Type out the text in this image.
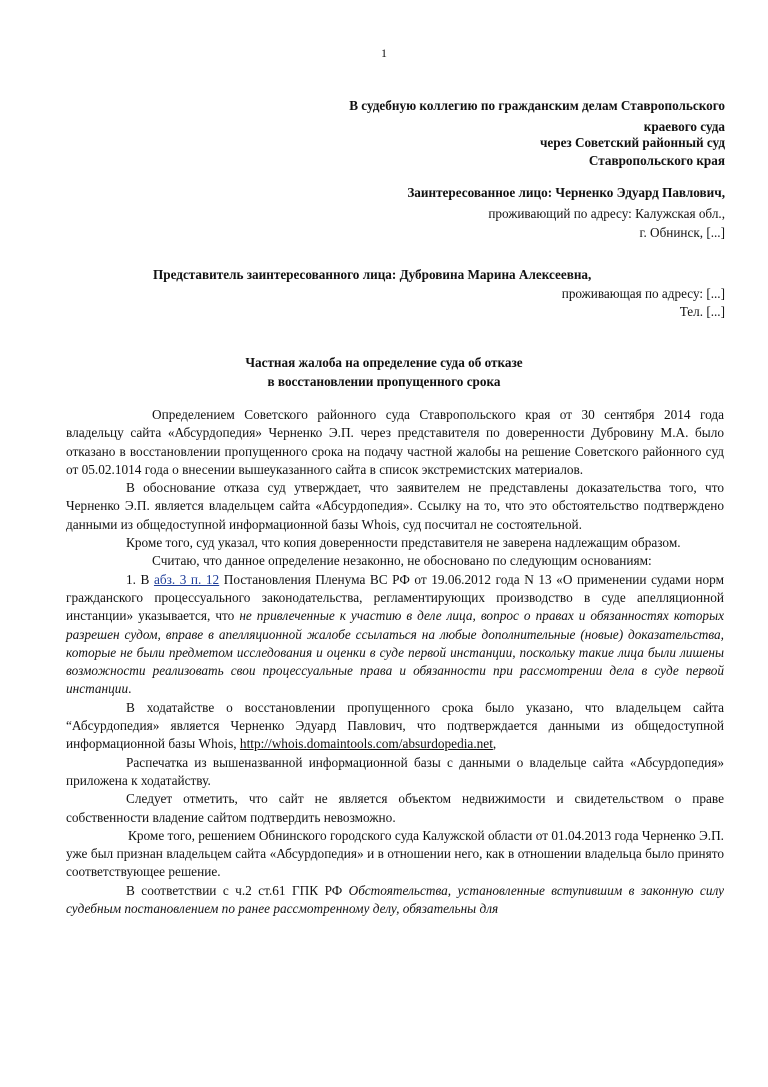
1
В судебную коллегию по гражданским делам Ставропольского
краевого суда
через Советский районный суд
Ставропольского края
Заинтересованное лицо: Черненко Эдуард Павлович,
проживающий по адресу: Калужская обл.,
г. Обнинск, [...]
Представитель заинтересованного лица: Дубровина Марина Алексеевна,
проживающая по адресу: [...]
Тел. [...]
Частная жалоба на определение суда об отказе
в восстановлении пропущенного срока

Определением Советского районного суда Ставропольского края от 30 сентября 2014 года владельцу сайта «Абсурдопедия» Черненко Э.П. через представителя по доверенности Дубровину М.А. было отказано в восстановлении пропущенного срока на подачу частной жалобы на решение Советского районного суд от 05.02.1014 года о внесении вышеуказанного сайта в список экстремистских материалов.

В обоснование отказа суд утверждает, что заявителем не представлены доказательства того, что Черненко Э.П. является владельцем сайта «Абсурдопедия». Ссылку на то, что это обстоятельство подтверждено данными из общедоступной информационной базы Whois, суд посчитал не состоятельной.

Кроме того, суд указал, что копия доверенности представителя не заверена надлежащим образом.

Считаю, что данное определение незаконно, не обосновано по следующим основаниям:

1. В абз. 3 п. 12 Постановления Пленума ВС РФ от 19.06.2012 года N 13 «О применении судами норм гражданского процессуального законодательства, регламентирующих производство в суде апелляционной инстанции» указывается, что не привлеченные к участию в деле лица, вопрос о правах и обязанностях которых разрешен судом, вправе в апелляционной жалобе ссылаться на любые дополнительные (новые) доказательства, которые не были предметом исследования и оценки в суде первой инстанции, поскольку такие лица были лишены возможности реализовать свои процессуальные права и обязанности при рассмотрении дела в суде первой инстанции.

В ходатайстве о восстановлении пропущенного срока было указано, что владельцем сайта “Абсурдопедия» является Черненко Эдуард Павлович, что подтверждается данными из общедоступной информационной базы Whois, http://whois.domaintools.com/absurdopedia.net,

Распечатка из вышеназванной информационной базы с данными о владельце сайта «Абсурдопедия» приложена к ходатайству.

Следует отметить, что сайт не является объектом недвижимости и свидетельством о праве собственности владение сайтом подтвердить невозможно.

Кроме того, решением Обнинского городского суда Калужской области от 01.04.2013 года Черненко Э.П. уже был признан владельцем сайта «Абсурдопедия» и в отношении него, как в отношении владельца было принято соответствующее решение.

В соответствии с ч.2 ст.61 ГПК РФ Обстоятельства, установленные вступившим в законную силу судебным постановлением по ранее рассмотренному делу, обязательны для
